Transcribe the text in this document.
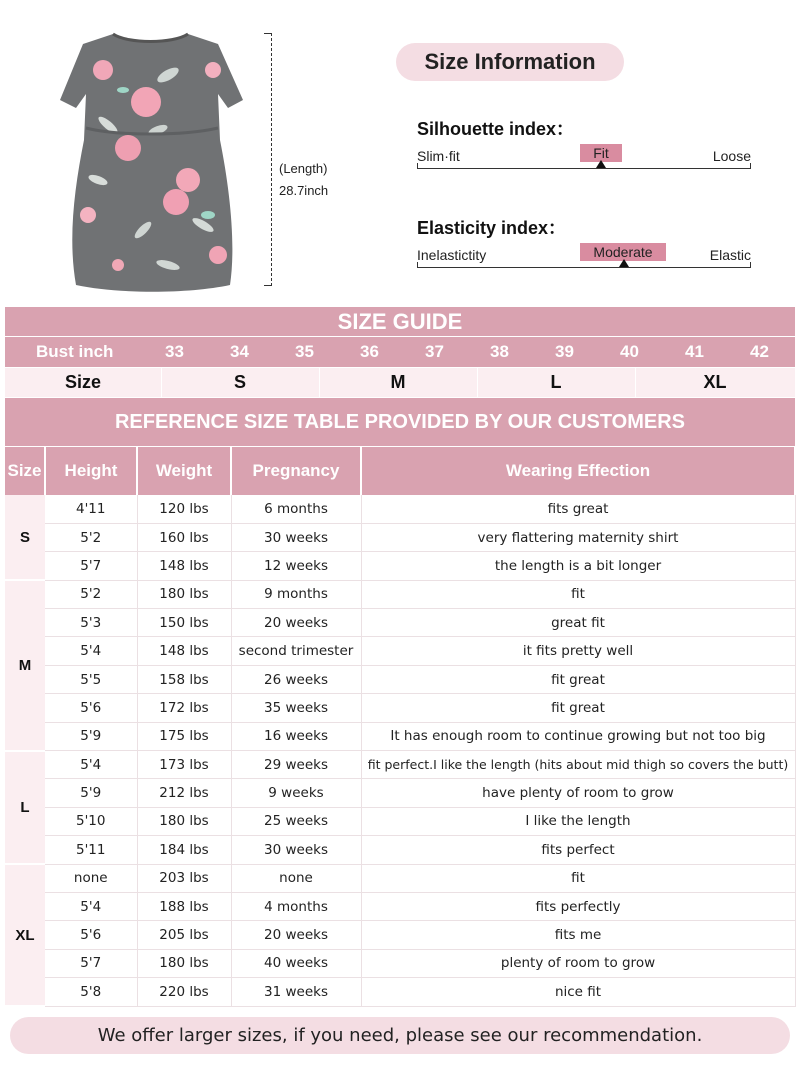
(Length)
28.7inch
Size Information
Silhouette index：
Slim·fit	Fit	Loose
Elasticity index：
Inelastictity	Moderate	Elastic
SIZE GUIDE
Bust inch	33	34	35	36	37	38	39	40	41	42
Size	S	M	L	XL
REFERENCE SIZE TABLE PROVIDED BY OUR CUSTOMERS
Size	Height	Weight	Pregnancy	Wearing Effection
S	4'11	120 lbs	6 months	fits great
	5'2	160 lbs	30 weeks	very flattering maternity shirt
	5'7	148 lbs	12 weeks	the length is a bit longer
M	5'2	180 lbs	9 months	fit
	5'3	150 lbs	20 weeks	great fit
	5'4	148 lbs	second trimester	it fits pretty well
	5'5	158 lbs	26 weeks	fit great
	5'6	172 lbs	35 weeks	fit great
	5'9	175 lbs	16 weeks	It has enough room to continue growing but not too big
L	5'4	173 lbs	29 weeks	fit perfect.I like the length (hits about mid thigh so covers the butt)
	5'9	212 lbs	9 weeks	have plenty of room to grow
	5'10	180 lbs	25 weeks	I like the length
	5'11	184 lbs	30 weeks	fits perfect
XL	none	203 lbs	none	fit
	5'4	188 lbs	4 months	fits perfectly
	5'6	205 lbs	20 weeks	fits me
	5'7	180 lbs	40 weeks	plenty of room to grow
	5'8	220 lbs	31 weeks	nice fit
We offer larger sizes, if you need, please see our recommendation.
